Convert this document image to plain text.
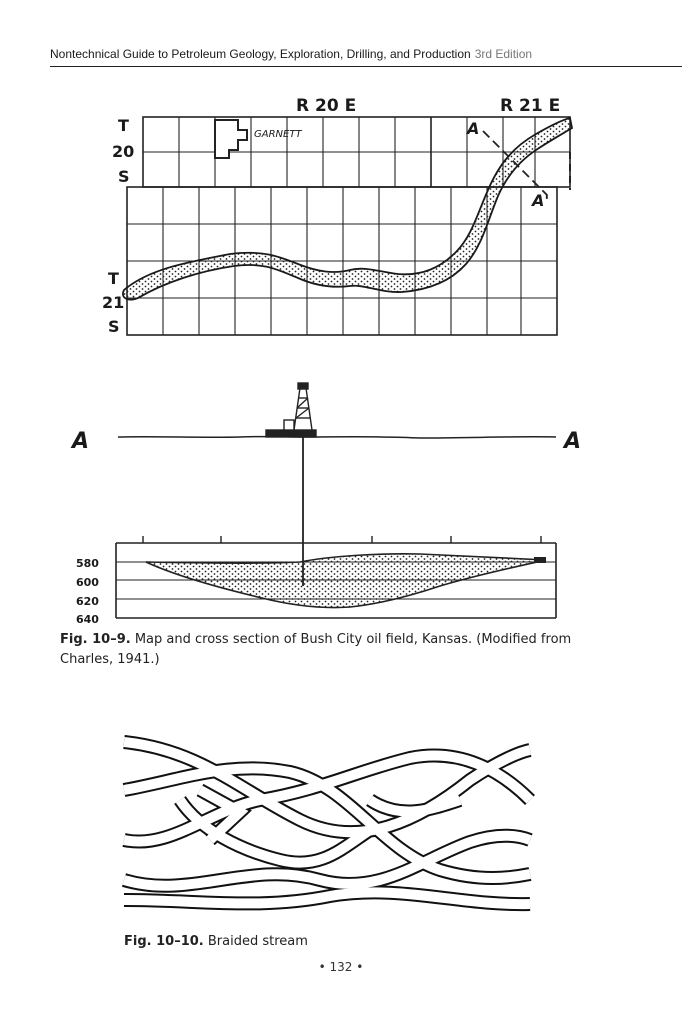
Nontechnical Guide to Petroleum Geology, Exploration, Drilling, and Production 3rd Edition
R 20 E	R 21 E
T
20
S
T
21
S
GARNETT	A
A'
A	A
580
600
620
640
Fig. 10–9. Map and cross section of Bush City oil field, Kansas. (Modified from Charles, 1941.)
Fig. 10–10. Braided stream
• 132 •
